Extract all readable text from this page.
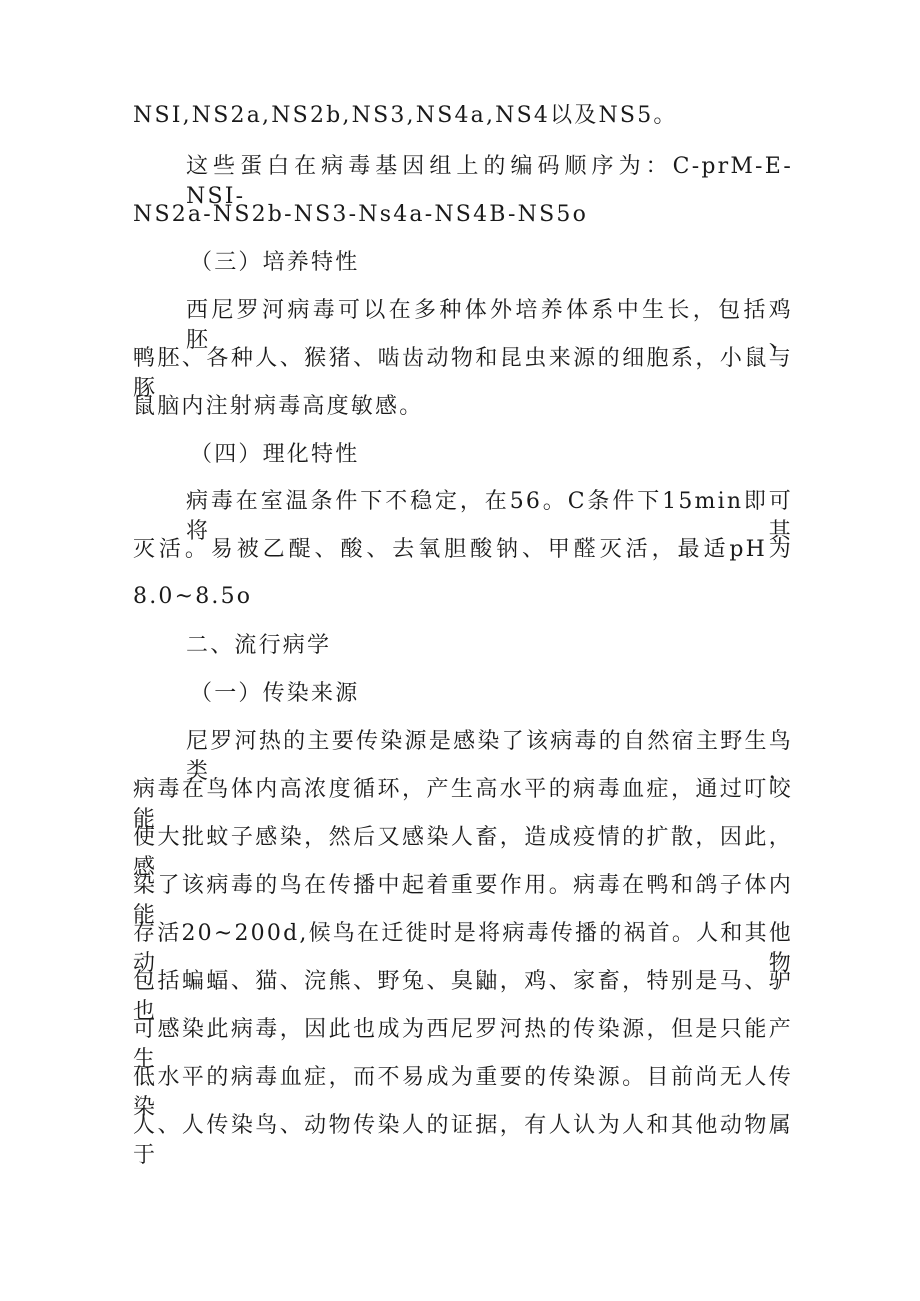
NSI,NS2a,NS2b,NS3,NS4a,NS4以及NS5。
这些蛋白在病毒基因组上的编码顺序为：C-prM-E-NSI-
NS2a-NS2b-NS3-Ns4a-NS4B-NS5o
（三）培养特性
西尼罗河病毒可以在多种体外培养体系中生长，包括鸡胚、
鸭胚、各种人、猴猪、啮齿动物和昆虫来源的细胞系，小鼠与豚
鼠脑内注射病毒高度敏感。
（四）理化特性
病毒在室温条件下不稳定，在56。C条件下15min即可将其
灭活。易被乙醍、酸、去氧胆酸钠、甲醛灭活，最适pH为
8.0~8.5o
二、流行病学
（一）传染来源
尼罗河热的主要传染源是感染了该病毒的自然宿主野生鸟类，
病毒在鸟体内高浓度循环，产生高水平的病毒血症，通过叮咬能
使大批蚊子感染，然后又感染人畜，造成疫情的扩散，因此，感
染了该病毒的鸟在传播中起着重要作用。病毒在鸭和鸽子体内能
存活20~200d,候鸟在迁徙时是将病毒传播的祸首。人和其他动物
包括蝙蝠、猫、浣熊、野兔、臭鼬，鸡、家畜，特别是马、驴也
可感染此病毒，因此也成为西尼罗河热的传染源，但是只能产生
低水平的病毒血症，而不易成为重要的传染源。目前尚无人传染
人、人传染鸟、动物传染人的证据，有人认为人和其他动物属于
